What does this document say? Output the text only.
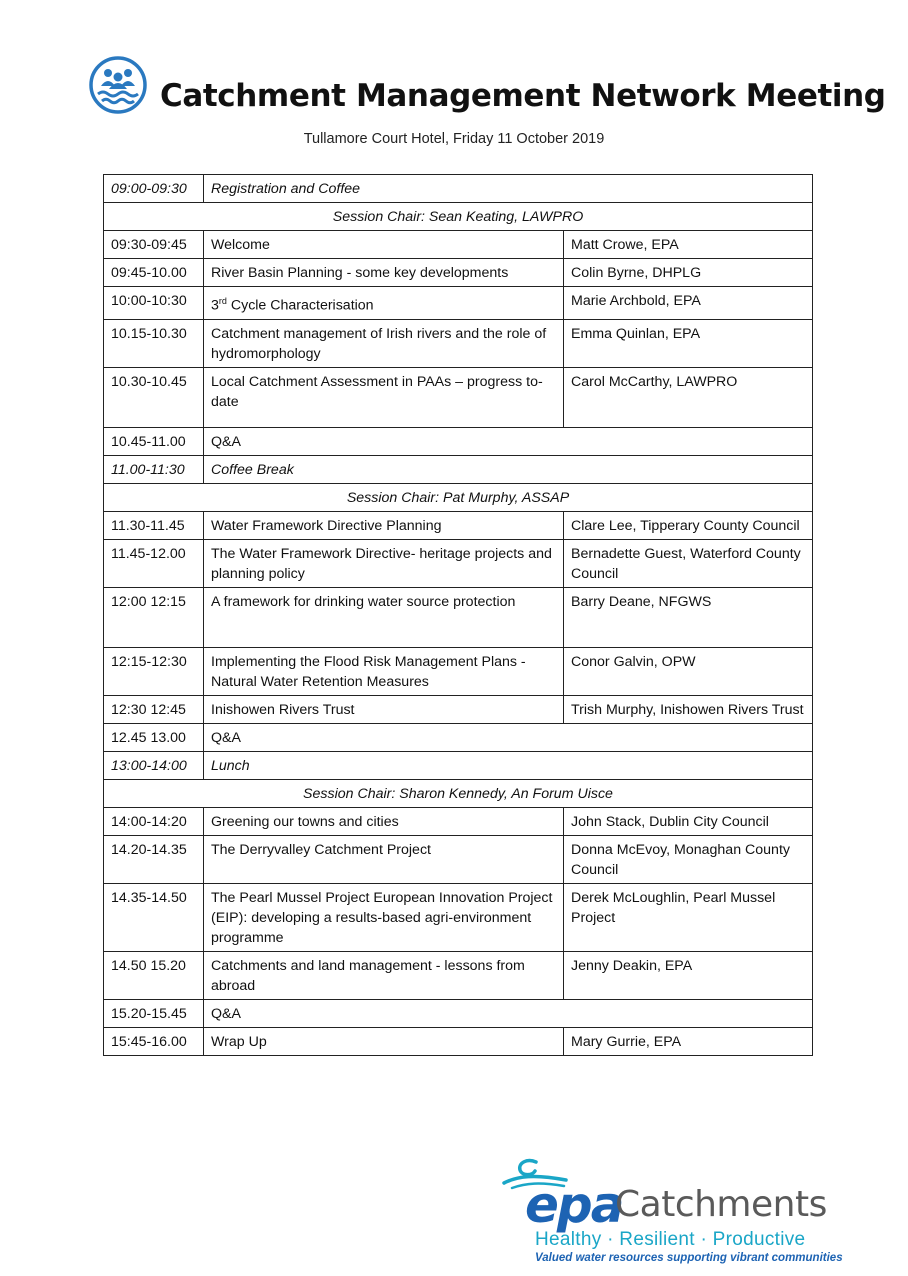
Catchment Management Network Meeting
Tullamore Court Hotel, Friday 11 October 2019
09:00-09:30	Registration and Coffee	
Session Chair: Sean Keating, LAWPRO		
09:30-09:45	Welcome	Matt Crowe, EPA
09:45-10.00	River Basin Planning - some key developments	Colin Byrne, DHPLG
10:00-10:30	3rd Cycle Characterisation	Marie Archbold, EPA
10.15-10.30	Catchment management of Irish rivers and the role of hydromorphology	Emma Quinlan, EPA
10.30-10.45	Local Catchment Assessment in PAAs – progress to-date	Carol McCarthy, LAWPRO
10.45-11.00	Q&A	
11.00-11:30	Coffee Break	
Session Chair: Pat Murphy, ASSAP		
11.30-11.45	Water Framework Directive Planning	Clare Lee, Tipperary County Council
11.45-12.00	The Water Framework Directive- heritage projects and planning policy	Bernadette Guest, Waterford County Council
12:00 12:15	A framework for drinking water source protection	Barry Deane, NFGWS
12:15-12:30	Implementing the Flood Risk Management Plans - Natural Water Retention Measures	Conor Galvin, OPW
12:30 12:45	Inishowen Rivers Trust	Trish Murphy, Inishowen Rivers Trust
12.45 13.00	Q&A	
13:00-14:00	Lunch	
Session Chair: Sharon Kennedy, An Forum Uisce		
14:00-14:20	Greening our towns and cities	John Stack, Dublin City Council
14.20-14.35	The Derryvalley Catchment Project	Donna McEvoy, Monaghan County Council
14.35-14.50	The Pearl Mussel Project European Innovation Project (EIP): developing a results-based agri-environment programme	Derek McLoughlin, Pearl Mussel Project
14.50 15.20	Catchments and land management - lessons from abroad	Jenny Deakin, EPA
15.20-15.45	Q&A	
15:45-16.00	Wrap Up	Mary Gurrie, EPA
epa
Catchments
Healthy · Resilient · Productive
Valued water resources supporting vibrant communities
